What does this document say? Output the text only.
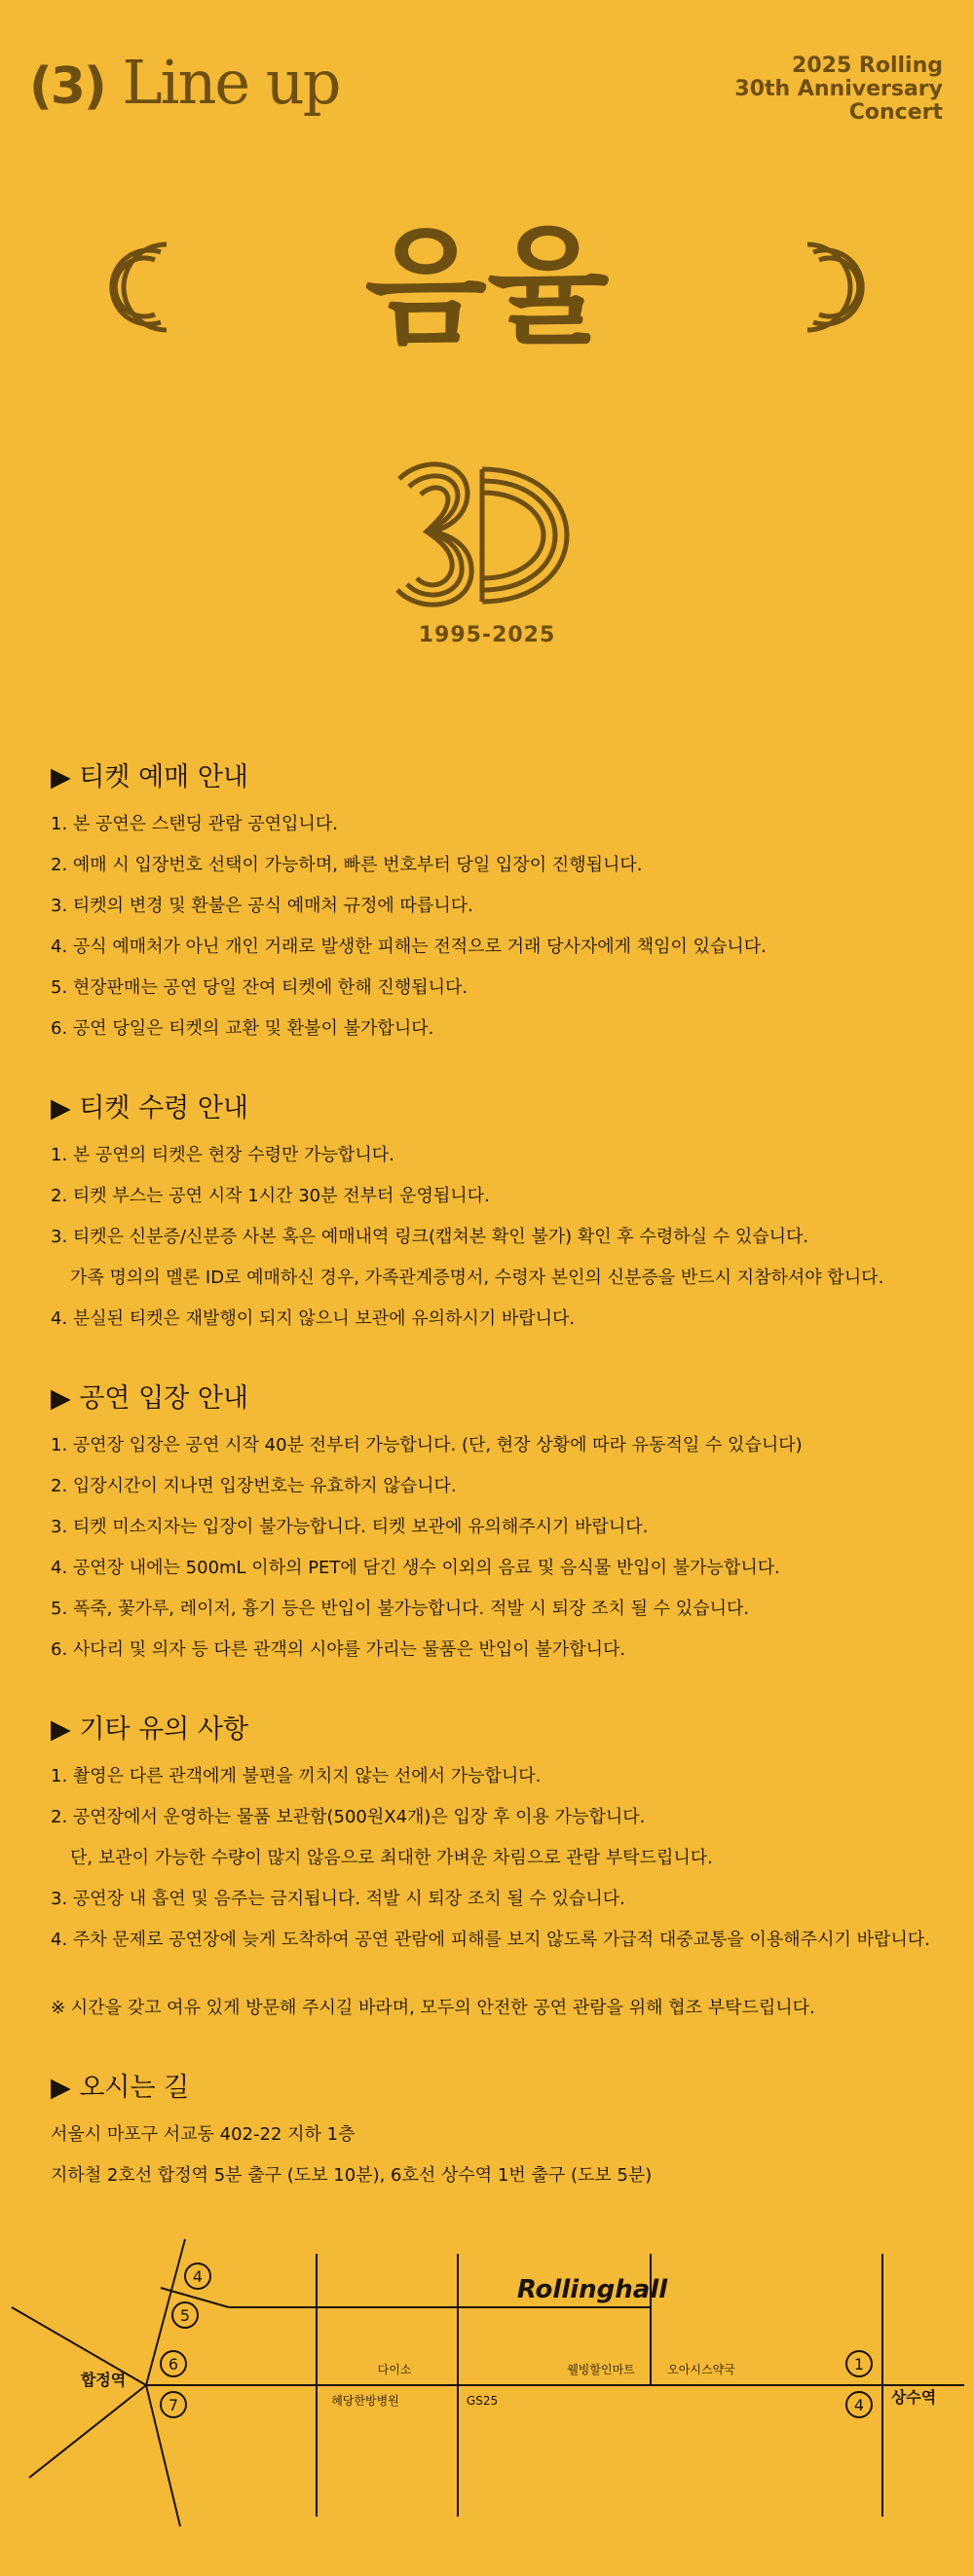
(3) Line up	2025 Rolling
30th Anniversary
Concert
음율
1995-2025
▶ 티켓 예매 안내
1. 본 공연은 스탠딩 관람 공연입니다.
2. 예매 시 입장번호 선택이 가능하며, 빠른 번호부터 당일 입장이 진행됩니다.
3. 티켓의 변경 및 환불은 공식 예매처 규정에 따릅니다.
4. 공식 예매처가 아닌 개인 거래로 발생한 피해는 전적으로 거래 당사자에게 책임이 있습니다.
5. 현장판매는 공연 당일 잔여 티켓에 한해 진행됩니다.
6. 공연 당일은 티켓의 교환 및 환불이 불가합니다.
▶ 티켓 수령 안내
1. 본 공연의 티켓은 현장 수령만 가능합니다.
2. 티켓 부스는 공연 시작 1시간 30분 전부터 운영됩니다.
3. 티켓은 신분증/신분증 사본 혹은 예매내역 링크(캡쳐본 확인 불가) 확인 후 수령하실 수 있습니다.
가족 명의의 멜론 ID로 예매하신 경우, 가족관계증명서, 수령자 본인의 신분증을 반드시 지참하셔야 합니다.
4. 분실된 티켓은 재발행이 되지 않으니 보관에 유의하시기 바랍니다.
▶ 공연 입장 안내
1. 공연장 입장은 공연 시작 40분 전부터 가능합니다. (단, 현장 상황에 따라 유동적일 수 있습니다)
2. 입장시간이 지나면 입장번호는 유효하지 않습니다.
3. 티켓 미소지자는 입장이 불가능합니다. 티켓 보관에 유의해주시기 바랍니다.
4. 공연장 내에는 500mL 이하의 PET에 담긴 생수 이외의 음료 및 음식물 반입이 불가능합니다.
5. 폭죽, 꽃가루, 레이저, 흉기 등은 반입이 불가능합니다. 적발 시 퇴장 조치 될 수 있습니다.
6. 사다리 및 의자 등 다른 관객의 시야를 가리는 물품은 반입이 불가합니다.
▶ 기타 유의 사항
1. 촬영은 다른 관객에게 불편을 끼치지 않는 선에서 가능합니다.
2. 공연장에서 운영하는 물품 보관함(500원X4개)은 입장 후 이용 가능합니다.
단, 보관이 가능한 수량이 많지 않음으로 최대한 가벼운 차림으로 관람 부탁드립니다.
3. 공연장 내 흡연 및 음주는 금지됩니다. 적발 시 퇴장 조치 될 수 있습니다.
4. 주차 문제로 공연장에 늦게 도착하여 공연 관람에 피해를 보지 않도록 가급적 대중교통을 이용해주시기 바랍니다.
※ 시간을 갖고 여유 있게 방문해 주시길 바라며, 모두의 안전한 공연 관람을 위해 협조 부탁드립니다.
▶ 오시는 길
서울시 마포구 서교동 402-22 지하 1층
지하철 2호선 합정역 5분 출구 (도보 10분), 6호선 상수역 1번 출구 (도보 5분)
4
5
6
7
1
4
합정역
상수역
Rollinghall
다이소	웰빙할인마트	오아시스약국
혜당한방병원	GS25
